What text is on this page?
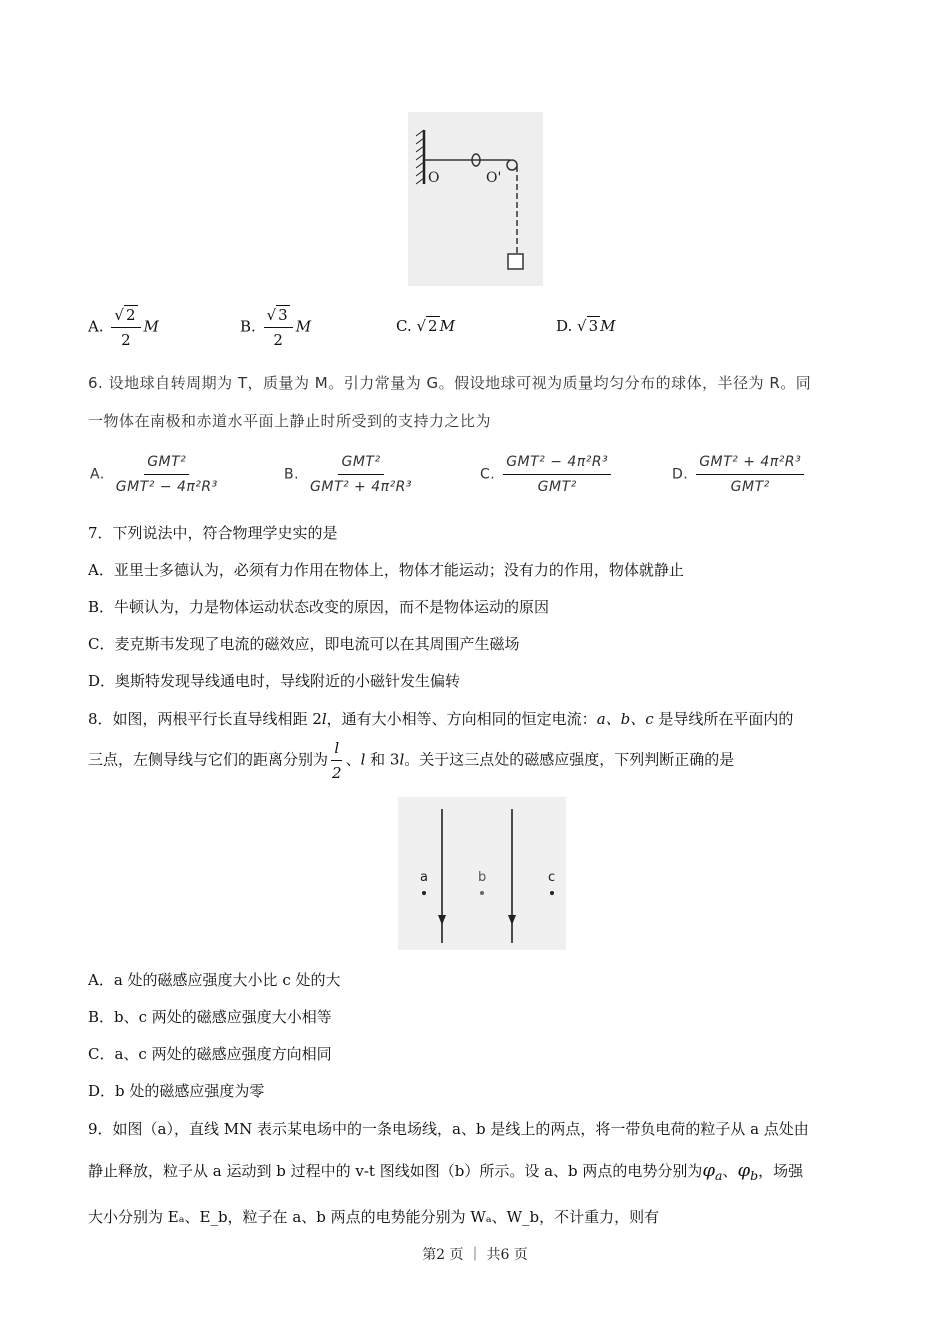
O	O'
A. $\frac{√ 2}{2}$ M	B. $\frac{√ 3}{2}$ M	C. √ 2 M	D. √ 3 M
6. 设地球自转周期为 T，质量为 M。引力常量为 G。假设地球可视为质量均匀分布的球体，半径为 R。同
一物体在南极和赤道水平面上静止时所受到的支持力之比为
A. $\frac{\text{GMT²}}{\text{GMT² − 4π²R³}}$	B. $\frac{\text{GMT²}}{\text{GMT² + 4π²R³}}$	C. $\frac{\text{GMT² − 4π²R³}}{\text{GMT²}}$	D. $\frac{\text{GMT² + 4π²R³}}{\text{GMT²}}$
7．下列说法中，符合物理学史实的是
A．亚里士多德认为，必须有力作用在物体上，物体才能运动；没有力的作用，物体就静止
B．牛顿认为，力是物体运动状态改变的原因，而不是物体运动的原因
C．麦克斯韦发现了电流的磁效应，即电流可以在其周围产生磁场
D．奥斯特发现导线通电时，导线附近的小磁针发生偏转
8．如图，两根平行长直导线相距 2l，通有大小相等、方向相同的恒定电流：a、b、c 是导线所在平面内的
三点，左侧导线与它们的距离分别为 $\frac{l}{2}$ 、l 和 3l。关于这三点处的磁感应强度，下列判断正确的是
a	b	c
A．a 处的磁感应强度大小比 c 处的大
B．b、c 两处的磁感应强度大小相等
C．a、c 两处的磁感应强度方向相同
D．b 处的磁感应强度为零
9．如图（a），直线 MN 表示某电场中的一条电场线，a、b 是线上的两点，将一带负电荷的粒子从 a 点处由
静止释放，粒子从 a 运动到 b 过程中的 v-t 图线如图（b）所示。设 a、b 两点的电势分别为$\varphi_a$、$\varphi_b$，场强
大小分别为 Eₐ、E_b，粒子在 a、b 两点的电势能分别为 Wₐ、W_b，不计重力，则有
第2 页 ｜ 共6 页
